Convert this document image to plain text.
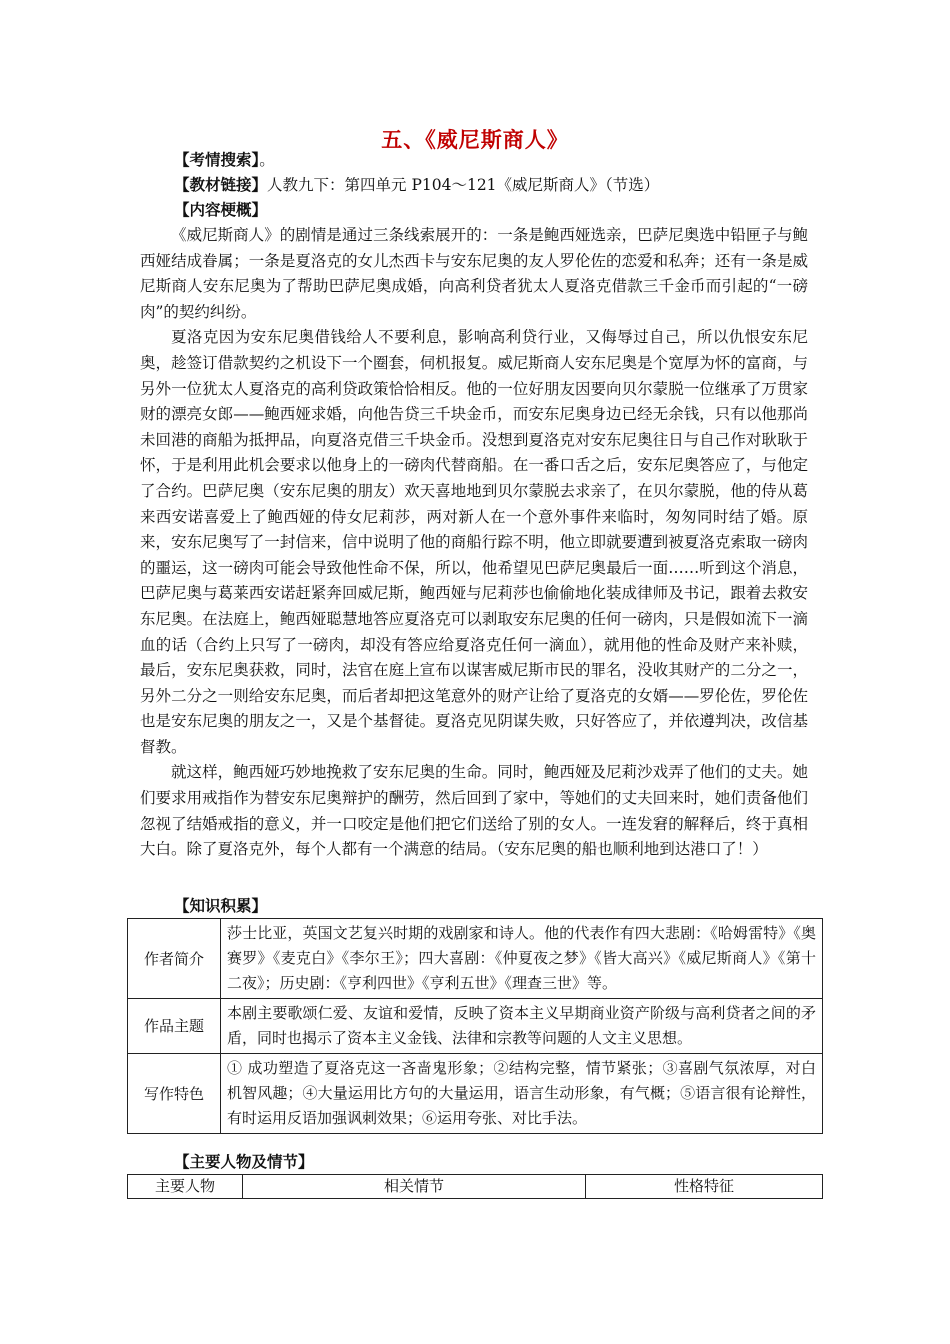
五、《威尼斯商人》
【考情搜索】。
【教材链接】人教九下：第四单元 P104～121《威尼斯商人》（节选）
【内容梗概】

《威尼斯商人》的剧情是通过三条线索展开的：一条是鲍西娅选亲，巴萨尼奥选中铅匣子与鲍西娅结成眷属；一条是夏洛克的女儿杰西卡与安东尼奥的友人罗伦佐的恋爱和私奔；还有一条是威尼斯商人安东尼奥为了帮助巴萨尼奥成婚，向高利贷者犹太人夏洛克借款三千金币而引起的“一磅肉”的契约纠纷。

夏洛克因为安东尼奥借钱给人不要利息，影响高利贷行业，又侮辱过自己，所以仇恨安东尼奥，趁签订借款契约之机设下一个圈套，伺机报复。威尼斯商人安东尼奥是个宽厚为怀的富商，与另外一位犹太人夏洛克的高利贷政策恰恰相反。他的一位好朋友因要向贝尔蒙脱一位继承了万贯家财的漂亮女郎——鲍西娅求婚，向他告贷三千块金币，而安东尼奥身边已经无余钱，只有以他那尚未回港的商船为抵押品，向夏洛克借三千块金币。没想到夏洛克对安东尼奥往日与自己作对耿耿于怀，于是利用此机会要求以他身上的一磅肉代替商船。在一番口舌之后，安东尼奥答应了，与他定了合约。巴萨尼奥（安东尼奥的朋友）欢天喜地地到贝尔蒙脱去求亲了，在贝尔蒙脱，他的侍从葛来西安诺喜爱上了鲍西娅的侍女尼莉莎，两对新人在一个意外事件来临时，匆匆同时结了婚。原来，安东尼奥写了一封信来，信中说明了他的商船行踪不明，他立即就要遭到被夏洛克索取一磅肉的噩运，这一磅肉可能会导致他性命不保，所以，他希望见巴萨尼奥最后一面……听到这个消息，巴萨尼奥与葛莱西安诺赶紧奔回威尼斯，鲍西娅与尼莉莎也偷偷地化装成律师及书记，跟着去救安东尼奥。在法庭上，鲍西娅聪慧地答应夏洛克可以剥取安东尼奥的任何一磅肉，只是假如流下一滴血的话（合约上只写了一磅肉，却没有答应给夏洛克任何一滴血），就用他的性命及财产来补赎，最后，安东尼奥获救，同时，法官在庭上宣布以谋害威尼斯市民的罪名，没收其财产的二分之一，另外二分之一则给安东尼奥，而后者却把这笔意外的财产让给了夏洛克的女婿——罗伦佐，罗伦佐也是安东尼奥的朋友之一，又是个基督徒。夏洛克见阴谋失败，只好答应了，并依遵判决，改信基督教。

就这样，鲍西娅巧妙地挽救了安东尼奥的生命。同时，鲍西娅及尼莉沙戏弄了他们的丈夫。她们要求用戒指作为替安东尼奥辩护的酬劳，然后回到了家中，等她们的丈夫回来时，她们责备他们忽视了结婚戒指的意义，并一口咬定是他们把它们送给了别的女人。一连发窘的解释后，终于真相大白。除了夏洛克外，每个人都有一个满意的结局。（安东尼奥的船也顺利地到达港口了！）

【知识积累】
作者简介	莎士比亚，英国文艺复兴时期的戏剧家和诗人。他的代表作有四大悲剧：《哈姆雷特》《奥赛罗》《麦克白》《李尔王》；四大喜剧：《仲夏夜之梦》《皆大高兴》《威尼斯商人》《第十二夜》；历史剧：《亨利四世》《亨利五世》《理查三世》等。
作品主题	本剧主要歌颂仁爱、友谊和爱情，反映了资本主义早期商业资产阶级与高利贷者之间的矛盾，同时也揭示了资本主义金钱、法律和宗教等问题的人文主义思想。
写作特色	① 成功塑造了夏洛克这一吝啬鬼形象；②结构完整，情节紧张；③喜剧气氛浓厚，对白机智风趣；④大量运用比方句的大量运用，语言生动形象，有气概；⑤语言很有论辩性，有时运用反语加强讽刺效果；⑥运用夸张、对比手法。
【主要人物及情节】
主要人物	相关情节	性格特征
